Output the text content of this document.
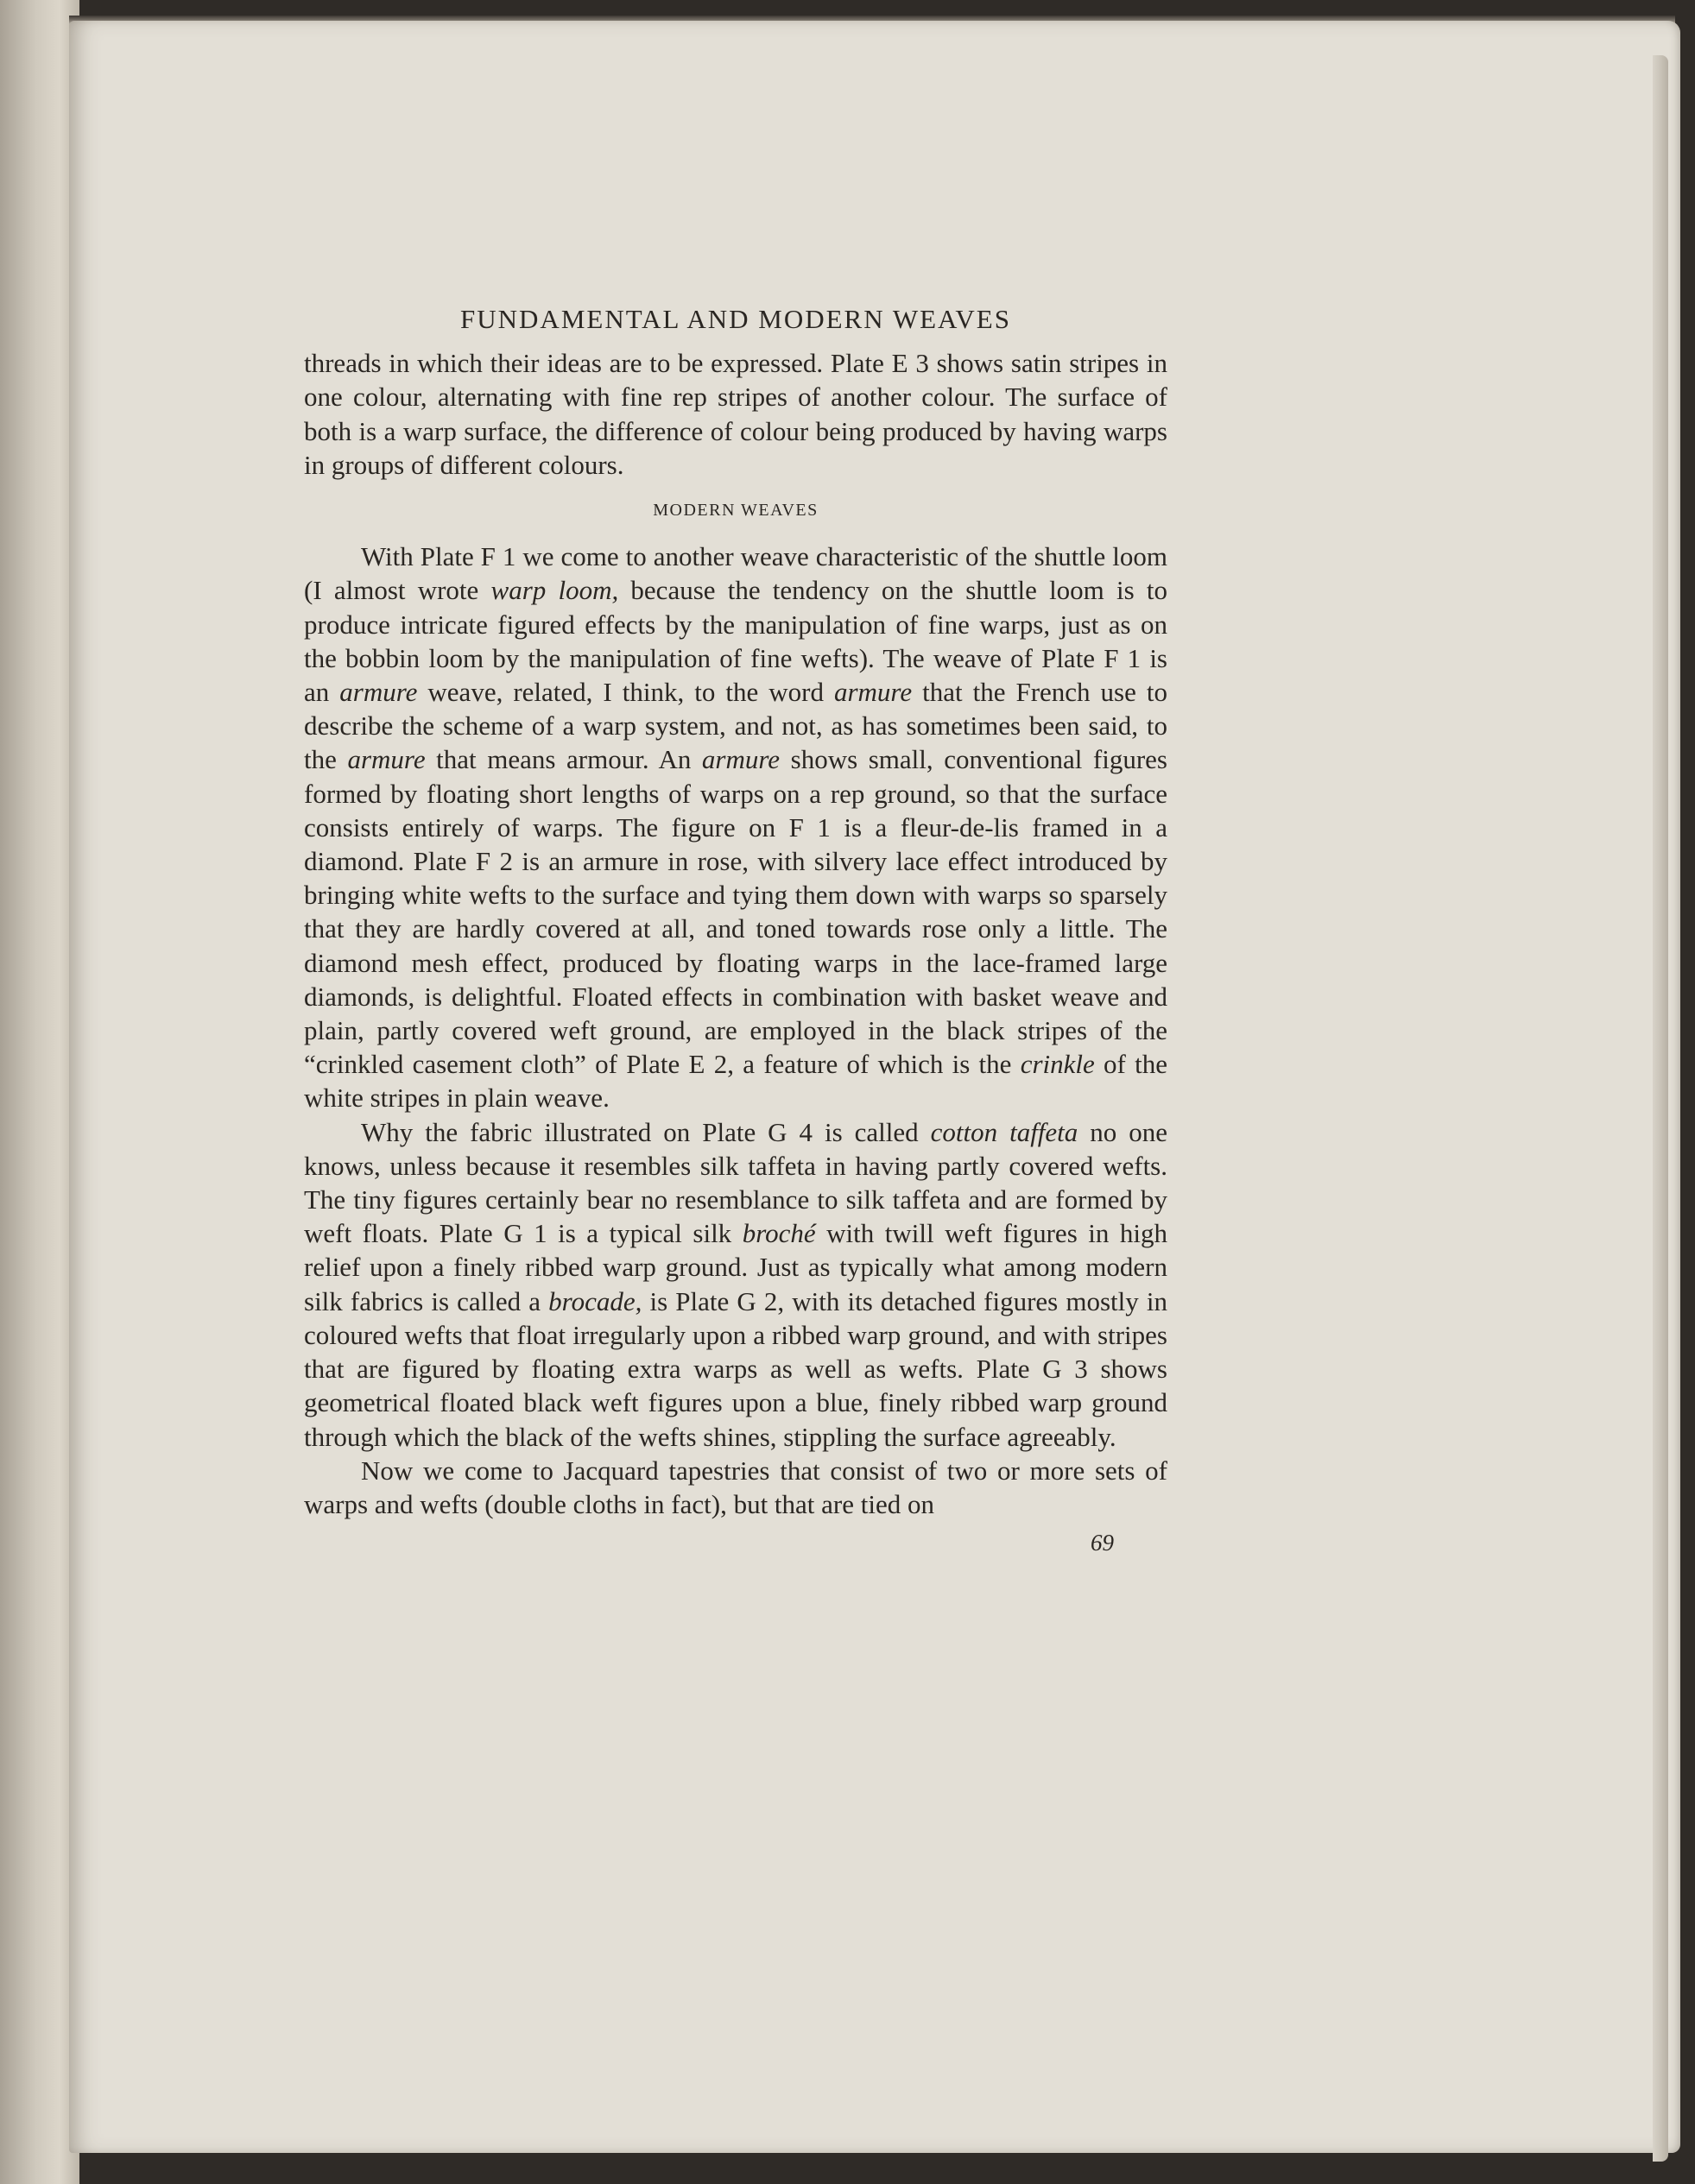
FUNDAMENTAL AND MODERN WEAVES

threads in which their ideas are to be expressed. Plate E 3 shows satin stripes in one colour, alternating with fine rep stripes of another colour. The surface of both is a warp surface, the difference of colour being produced by having warps in groups of different colours.

MODERN WEAVES

With Plate F 1 we come to another weave characteristic of the shuttle loom (I almost wrote warp loom, because the tendency on the shuttle loom is to produce intricate figured effects by the manipulation of fine warps, just as on the bobbin loom by the manipulation of fine wefts). The weave of Plate F 1 is an armure weave, related, I think, to the word armure that the French use to describe the scheme of a warp system, and not, as has sometimes been said, to the armure that means armour. An armure shows small, conventional figures formed by floating short lengths of warps on a rep ground, so that the surface consists entirely of warps. The figure on F 1 is a fleur-de-lis framed in a diamond. Plate F 2 is an armure in rose, with silvery lace effect introduced by bringing white wefts to the surface and tying them down with warps so sparsely that they are hardly covered at all, and toned towards rose only a little. The diamond mesh effect, produced by floating warps in the lace-framed large diamonds, is delightful. Floated effects in combination with basket weave and plain, partly covered weft ground, are employed in the black stripes of the “crinkled casement cloth” of Plate E 2, a feature of which is the crinkle of the white stripes in plain weave.

Why the fabric illustrated on Plate G 4 is called cotton taffeta no one knows, unless because it resembles silk taffeta in having partly covered wefts. The tiny figures certainly bear no resemblance to silk taffeta and are formed by weft floats. Plate G 1 is a typical silk broché with twill weft figures in high relief upon a finely ribbed warp ground. Just as typically what among modern silk fabrics is called a brocade, is Plate G 2, with its detached figures mostly in coloured wefts that float irregularly upon a ribbed warp ground, and with stripes that are figured by floating extra warps as well as wefts. Plate G 3 shows geometrical floated black weft figures upon a blue, finely ribbed warp ground through which the black of the wefts shines, stippling the surface agreeably.

Now we come to Jacquard tapestries that consist of two or more sets of warps and wefts (double cloths in fact), but that are tied on

69
